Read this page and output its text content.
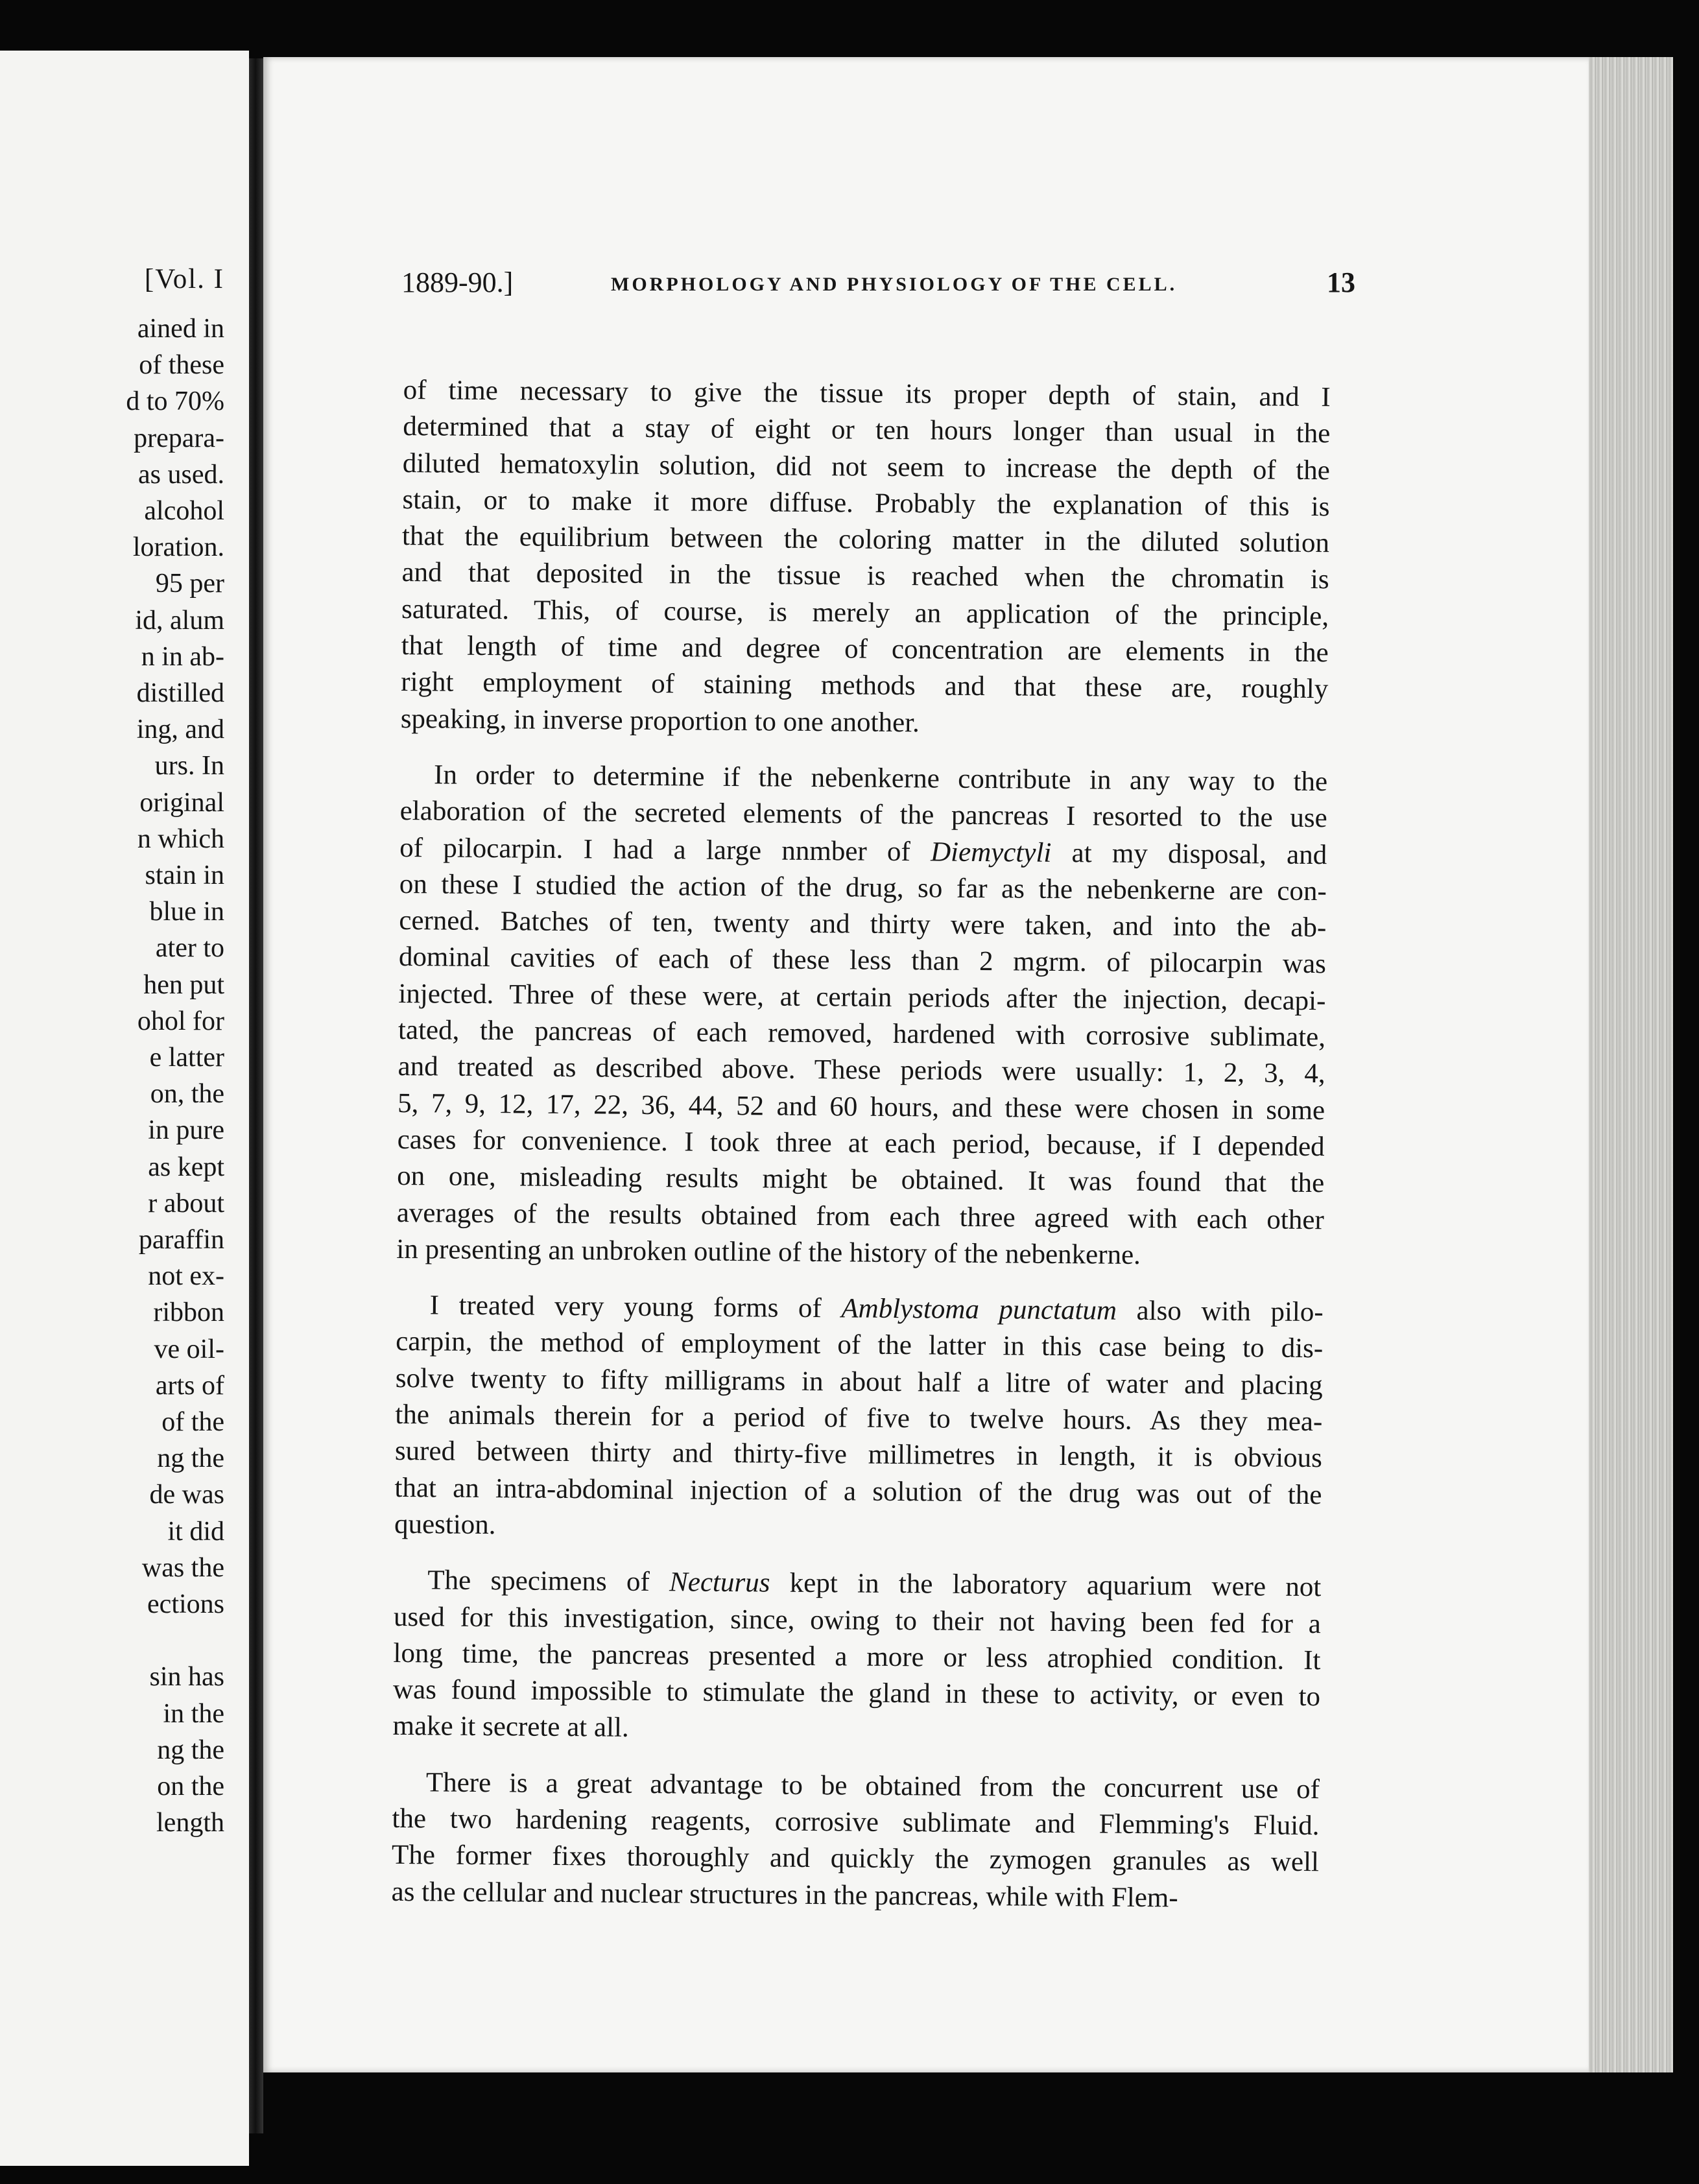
[Vol. I
ained in
of these
d to 70%
prepara-
as used.
alcohol
loration.
95 per
id, alum
n in ab-
distilled
ing, and
urs. In
original
n which
stain in
blue in
ater to
hen put
ohol for
e latter
on, the
in pure
as kept
r about
paraffin
not ex-
ribbon
ve oil-
arts of
of the
ng the
de was
it did
was the
ections
sin has
in the
ng the
on the
length
1889-90.]	MORPHOLOGY AND PHYSIOLOGY OF THE CELL.	13
of time necessary to give the tissue its proper depth of stain, and I
determined that a stay of eight or ten hours longer than usual in the
diluted hematoxylin solution, did not seem to increase the depth of the
stain, or to make it more diffuse. Probably the explanation of this is
that the equilibrium between the coloring matter in the diluted solution
and that deposited in the tissue is reached when the chromatin is
saturated. This, of course, is merely an application of the principle,
that length of time and degree of concentration are elements in the
right employment of staining methods and that these are, roughly
speaking, in inverse proportion to one another.
In order to determine if the nebenkerne contribute in any way to the
elaboration of the secreted elements of the pancreas I resorted to the use
of pilocarpin. I had a large nnmber of Diemyctyli at my disposal, and
on these I studied the action of the drug, so far as the nebenkerne are con-
cerned. Batches of ten, twenty and thirty were taken, and into the ab-
dominal cavities of each of these less than 2 mgrm. of pilocarpin was
injected. Three of these were, at certain periods after the injection, decapi-
tated, the pancreas of each removed, hardened with corrosive sublimate,
and treated as described above. These periods were usually: 1, 2, 3, 4,
5, 7, 9, 12, 17, 22, 36, 44, 52 and 60 hours, and these were chosen in some
cases for convenience. I took three at each period, because, if I depended
on one, misleading results might be obtained. It was found that the
averages of the results obtained from each three agreed with each other
in presenting an unbroken outline of the history of the nebenkerne.
I treated very young forms of Amblystoma punctatum also with pilo-
carpin, the method of employment of the latter in this case being to dis-
solve twenty to fifty milligrams in about half a litre of water and placing
the animals therein for a period of five to twelve hours. As they mea-
sured between thirty and thirty-five millimetres in length, it is obvious
that an intra-abdominal injection of a solution of the drug was out of the
question.
The specimens of Necturus kept in the laboratory aquarium were not
used for this investigation, since, owing to their not having been fed for a
long time, the pancreas presented a more or less atrophied condition. It
was found impossible to stimulate the gland in these to activity, or even to
make it secrete at all.
There is a great advantage to be obtained from the concurrent use of
the two hardening reagents, corrosive sublimate and Flemming's Fluid.
The former fixes thoroughly and quickly the zymogen granules as well
as the cellular and nuclear structures in the pancreas, while with Flem-
